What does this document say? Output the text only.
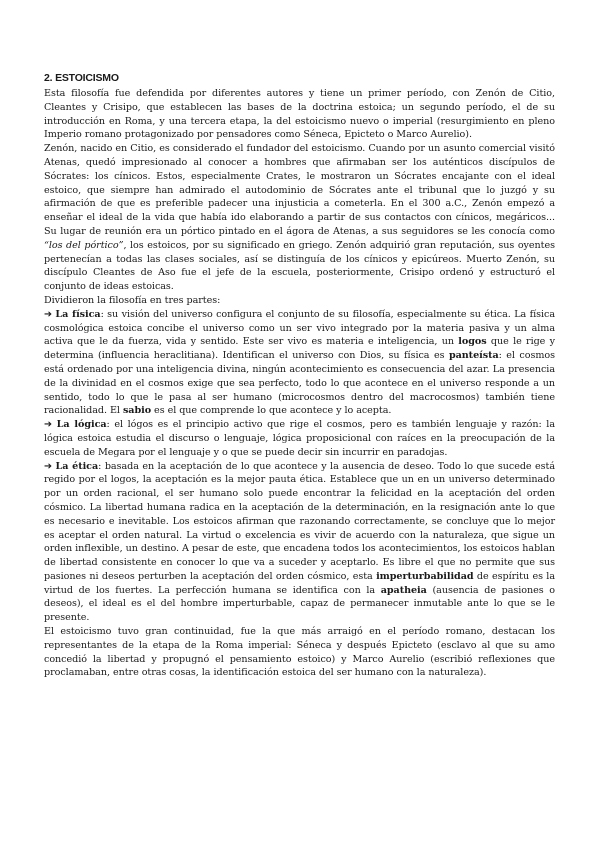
2. ESTOICISMO

Esta filosofía fue defendida por diferentes autores y tiene un primer período, con Zenón de Citio, Cleantes y Crisipo, que establecen las bases de la doctrina estoica; un segundo período, el de su introducción en Roma, y una tercera etapa, la del estoicismo nuevo o imperial (resurgimiento en pleno Imperio romano protagonizado por pensadores como Séneca, Epicteto o Marco Aurelio).

Zenón, nacido en Citio, es considerado el fundador del estoicismo. Cuando por un asunto comercial visitó Atenas, quedó impresionado al conocer a hombres que afirmaban ser los auténticos discípulos de Sócrates: los cínicos. Estos, especialmente Crates, le mostraron un Sócrates encajante con el ideal estoico, que siempre han admirado el autodominio de Sócrates ante el tribunal que lo juzgó y su afirmación de que es preferible padecer una injusticia a cometerla. En el 300 a.C., Zenón empezó a enseñar el ideal de la vida que había ido elaborando a partir de sus contactos con cínicos, megáricos... Su lugar de reunión era un pórtico pintado en el ágora de Atenas, a sus seguidores se les conocía como “los del pórtico”, los estoicos, por su significado en griego. Zenón adquirió gran reputación, sus oyentes pertenecían a todas las clases sociales, así se distinguía de los cínicos y epicúreos. Muerto Zenón, su discípulo Cleantes de Aso fue el jefe de la escuela, posteriormente, Crisipo ordenó y estructuró el conjunto de ideas estoicas.

Dividieron la filosofía en tres partes:

➔ La física: su visión del universo configura el conjunto de su filosofía, especialmente su ética. La física cosmológica estoica concibe el universo como un ser vivo integrado por la materia pasiva y un alma activa que le da fuerza, vida y sentido. Este ser vivo es materia e inteligencia, un logos que le rige y determina (influencia heraclitiana). Identifican el universo con Dios, su física es panteísta: el cosmos está ordenado por una inteligencia divina, ningún acontecimiento es consecuencia del azar. La presencia de la divinidad en el cosmos exige que sea perfecto, todo lo que acontece en el universo responde a un sentido, todo lo que le pasa al ser humano (microcosmos dentro del macrocosmos) también tiene racionalidad. El sabio es el que comprende lo que acontece y lo acepta.

➔ La lógica: el lógos es el principio activo que rige el cosmos, pero es también lenguaje y razón: la lógica estoica estudia el discurso o lenguaje, lógica proposicional con raíces en la preocupación de la escuela de Megara por el lenguaje y o que se puede decir sin incurrir en paradojas.

➔ La ética: basada en la aceptación de lo que acontece y la ausencia de deseo. Todo lo que sucede está regido por el logos, la aceptación es la mejor pauta ética. Establece que un en un universo determinado por un orden racional, el ser humano solo puede encontrar la felicidad en la aceptación del orden cósmico. La libertad humana radica en la aceptación de la determinación, en la resignación ante lo que es necesario e inevitable. Los estoicos afirman que razonando correctamente, se concluye que lo mejor es aceptar el orden natural. La virtud o excelencia es vivir de acuerdo con la naturaleza, que sigue un orden inflexible, un destino. A pesar de este, que encadena todos los acontecimientos, los estoicos hablan de libertad consistente en conocer lo que va a suceder y aceptarlo. Es libre el que no permite que sus pasiones ni deseos perturben la aceptación del orden cósmico, esta imperturbabilidad de espíritu es la virtud de los fuertes. La perfección humana se identifica con la apatheia (ausencia de pasiones o deseos), el ideal es el del hombre imperturbable, capaz de permanecer inmutable ante lo que se le presente.

El estoicismo tuvo gran continuidad, fue la que más arraigó en el período romano, destacan los representantes de la etapa de la Roma imperial: Séneca y después Epicteto (esclavo al que su amo concedió la libertad y propugnó el pensamiento estoico) y Marco Aurelio (escribió reflexiones que proclamaban, entre otras cosas, la identificación estoica del ser humano con la naturaleza).
